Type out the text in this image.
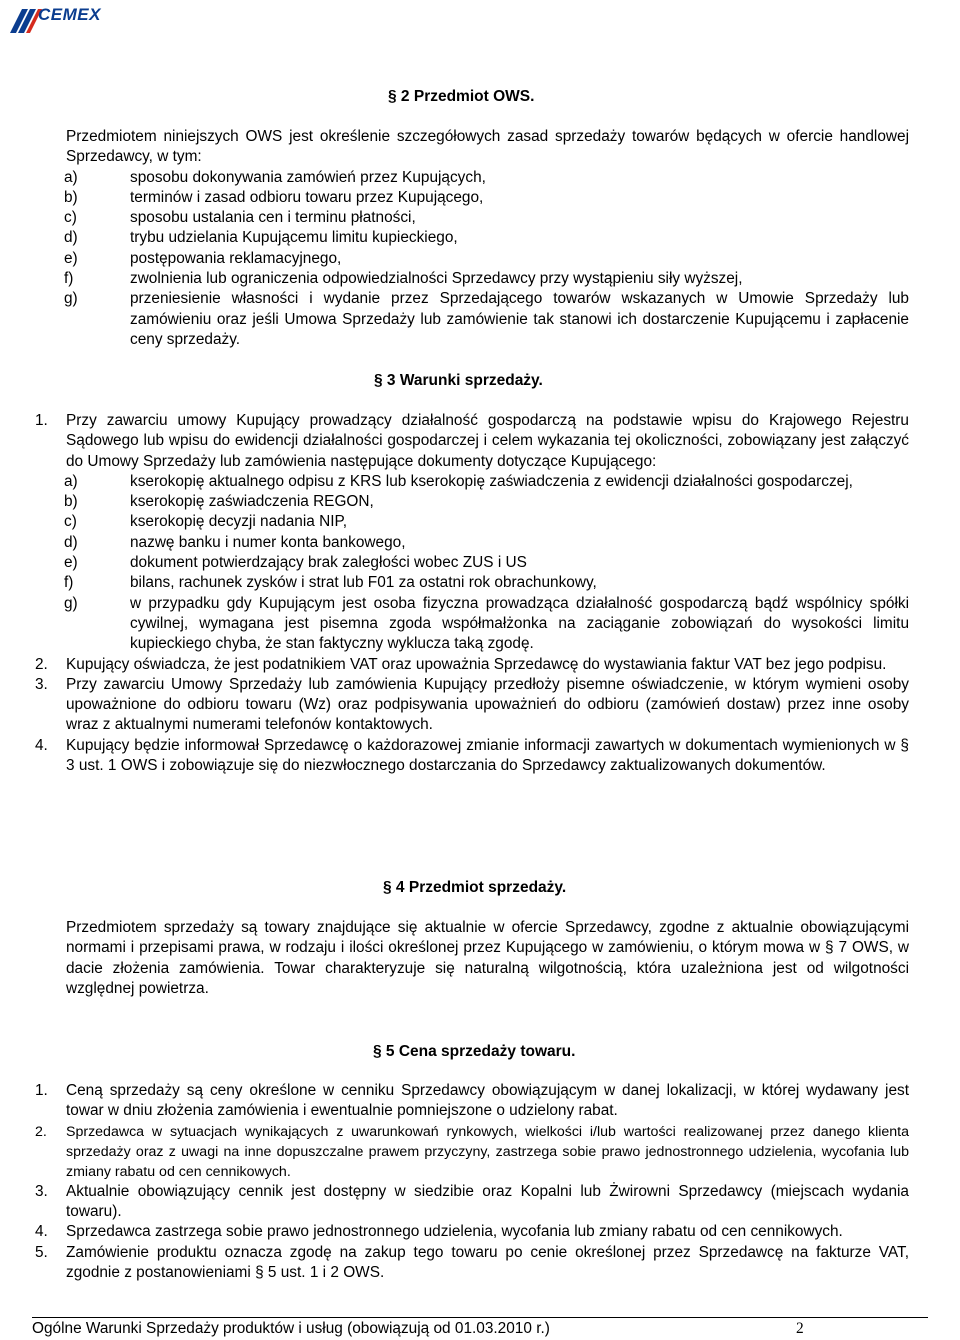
CEMEX
§ 2 Przedmiot OWS.

Przedmiotem niniejszych OWS jest określenie szczegółowych zasad sprzedaży towarów będących w ofercie handlowej Sprzedawcy, w tym:

a)	sposobu dokonywania zamówień przez Kupujących,

b)	terminów i zasad odbioru towaru przez Kupującego,

c)	sposobu ustalania cen i terminu płatności,

d)	trybu udzielania Kupującemu limitu kupieckiego,

e)	postępowania reklamacyjnego,

f)	zwolnienia lub ograniczenia odpowiedzialności Sprzedawcy przy wystąpieniu siły wyższej,

g)	przeniesienie własności i wydanie przez Sprzedającego towarów wskazanych w Umowie Sprzedaży lub zamówieniu oraz jeśli Umowa Sprzedaży lub zamówienie tak stanowi ich dostarczenie Kupującemu i zapłacenie ceny sprzedaży.

§ 3 Warunki sprzedaży.
1. Przy zawarciu umowy Kupujący prowadzący działalność gospodarczą na podstawie wpisu do Krajowego Rejestru Sądowego lub wpisu do ewidencji działalności gospodarczej i celem wykazania tej okoliczności, zobowiązany jest załączyć do Umowy Sprzedaży lub zamówienia następujące dokumenty dotyczące Kupującego:

a)	kserokopię aktualnego odpisu z KRS lub kserokopię zaświadczenia z ewidencji działalności gospodarczej,

b)	kserokopię zaświadczenia REGON,

c)	kserokopię decyzji nadania NIP,

d)	nazwę banku i numer konta bankowego,

e)	dokument potwierdzający brak zaległości wobec ZUS i US

f)	bilans, rachunek zysków i strat lub F01 za ostatni rok obrachunkowy,

g)	w przypadku gdy Kupującym jest osoba fizyczna prowadząca działalność gospodarczą bądź wspólnicy spółki cywilnej, wymagana jest pisemna zgoda współmałżonka na zaciąganie zobowiązań do wysokości limitu kupieckiego chyba, że stan faktyczny wyklucza taką zgodę.

2. Kupujący oświadcza, że jest podatnikiem VAT oraz upoważnia Sprzedawcę do wystawiania faktur VAT bez jego podpisu.

3. Przy zawarciu Umowy Sprzedaży lub zamówienia Kupujący przedłoży pisemne oświadczenie, w którym wymieni osoby upoważnione do odbioru towaru (Wz) oraz podpisywania upoważnień do odbioru (zamówień dostaw) przez inne osoby wraz z aktualnymi numerami telefonów kontaktowych.

4. Kupujący będzie informował Sprzedawcę o każdorazowej zmianie informacji zawartych w dokumentach wymienionych w § 3 ust. 1 OWS i zobowiązuje się do niezwłocznego dostarczania do Sprzedawcy zaktualizowanych dokumentów.

§ 4 Przedmiot sprzedaży.

Przedmiotem sprzedaży są towary znajdujące się aktualnie w ofercie Sprzedawcy, zgodne z aktualnie obowiązującymi normami i przepisami prawa, w rodzaju i ilości określonej przez Kupującego w zamówieniu, o którym mowa w § 7 OWS, w dacie złożenia zamówienia. Towar charakteryzuje się naturalną wilgotnością, która uzależniona jest od wilgotności względnej powietrza.

§ 5 Cena sprzedaży towaru.
1. Ceną sprzedaży są ceny określone w cenniku Sprzedawcy obowiązującym w danej lokalizacji, w której wydawany jest towar w dniu złożenia zamówienia i ewentualnie pomniejszone o udzielony rabat.

2. Sprzedawca w sytuacjach wynikających z uwarunkowań rynkowych, wielkości i/lub wartości realizowanej przez danego klienta sprzedaży oraz z uwagi na inne dopuszczalne prawem przyczyny, zastrzega sobie prawo jednostronnego udzielenia, wycofania lub zmiany rabatu od cen cennikowych.

3. Aktualnie obowiązujący cennik jest dostępny w siedzibie oraz Kopalni lub Żwirowni Sprzedawcy (miejscach wydania towaru).

4. Sprzedawca zastrzega sobie prawo jednostronnego udzielenia, wycofania lub zmiany rabatu od cen cennikowych.

5. Zamówienie produktu oznacza zgodę na zakup tego towaru po cenie określonej przez Sprzedawcę na fakturze VAT, zgodnie z postanowieniami § 5 ust. 1 i 2 OWS.

Ogólne Warunki Sprzedaży produktów i usług (obowiązują od 01.03.2010 r.)	2
